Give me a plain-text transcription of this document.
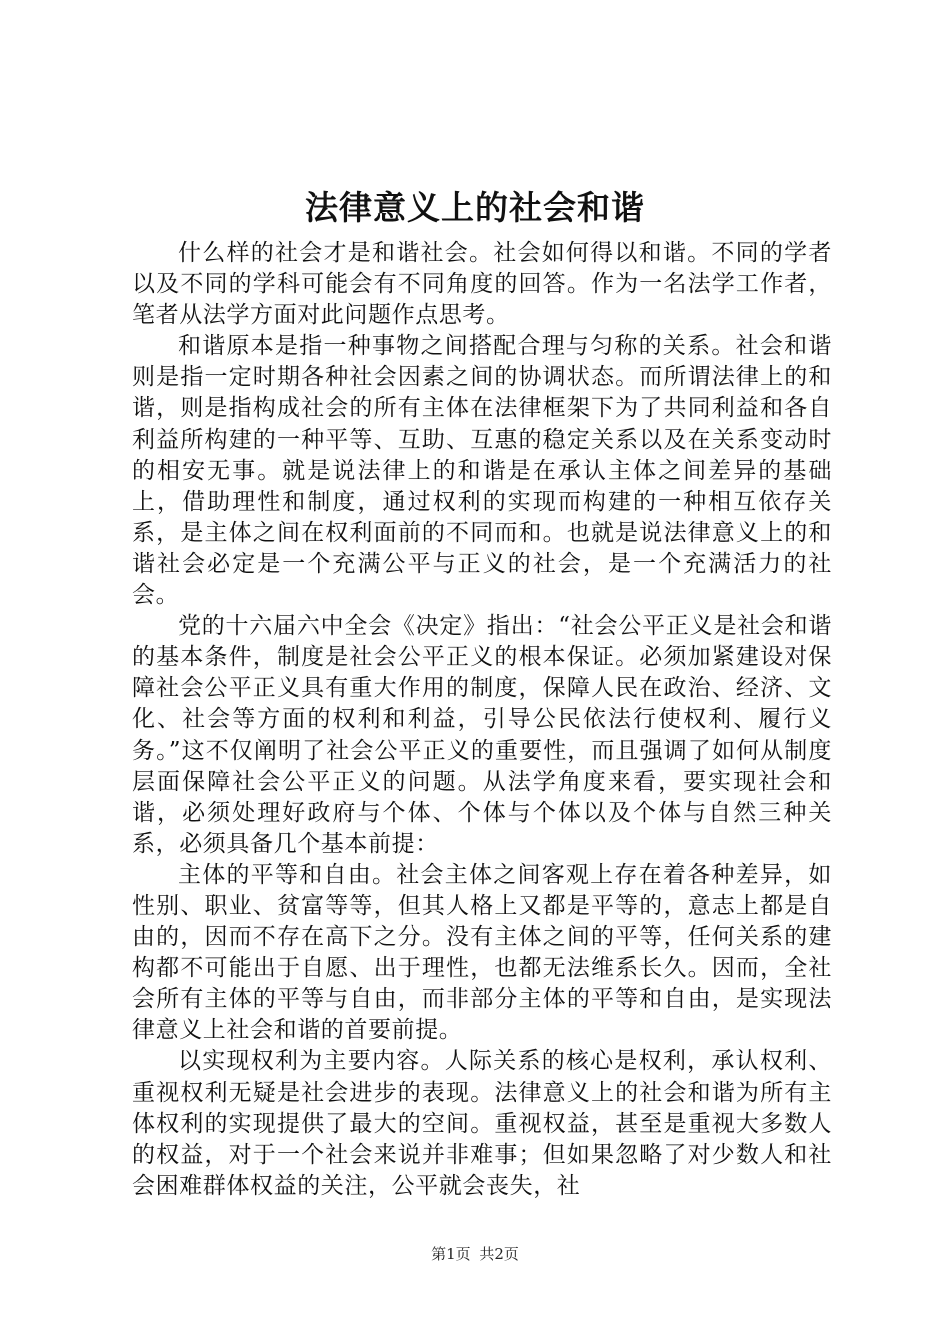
法律意义上的社会和谐

什么样的社会才是和谐社会。社会如何得以和谐。不同的学者以及不同的学科可能会有不同角度的回答。作为一名法学工作者，笔者从法学方面对此问题作点思考。

和谐原本是指一种事物之间搭配合理与匀称的关系。社会和谐则是指一定时期各种社会因素之间的协调状态。而所谓法律上的和谐，则是指构成社会的所有主体在法律框架下为了共同利益和各自利益所构建的一种平等、互助、互惠的稳定关系以及在关系变动时的相安无事。就是说法律上的和谐是在承认主体之间差异的基础上，借助理性和制度，通过权利的实现而构建的一种相互依存关系，是主体之间在权利面前的不同而和。也就是说法律意义上的和谐社会必定是一个充满公平与正义的社会，是一个充满活力的社会。

党的十六届六中全会《决定》指出：“社会公平正义是社会和谐的基本条件，制度是社会公平正义的根本保证。必须加紧建设对保障社会公平正义具有重大作用的制度，保障人民在政治、经济、文化、社会等方面的权利和利益，引导公民依法行使权利、履行义务。”这不仅阐明了社会公平正义的重要性，而且强调了如何从制度层面保障社会公平正义的问题。从法学角度来看，要实现社会和谐，必须处理好政府与个体、个体与个体以及个体与自然三种关系，必须具备几个基本前提：

主体的平等和自由。社会主体之间客观上存在着各种差异，如性别、职业、贫富等等，但其人格上又都是平等的，意志上都是自由的，因而不存在高下之分。没有主体之间的平等，任何关系的建构都不可能出于自愿、出于理性，也都无法维系长久。因而，全社会所有主体的平等与自由，而非部分主体的平等和自由，是实现法律意义上社会和谐的首要前提。

以实现权利为主要内容。人际关系的核心是权利，承认权利、重视权利无疑是社会进步的表现。法律意义上的社会和谐为所有主体权利的实现提供了最大的空间。重视权益，甚至是重视大多数人的权益，对于一个社会来说并非难事；但如果忽略了对少数人和社会困难群体权益的关注，公平就会丧失，社

第1页 共2页
